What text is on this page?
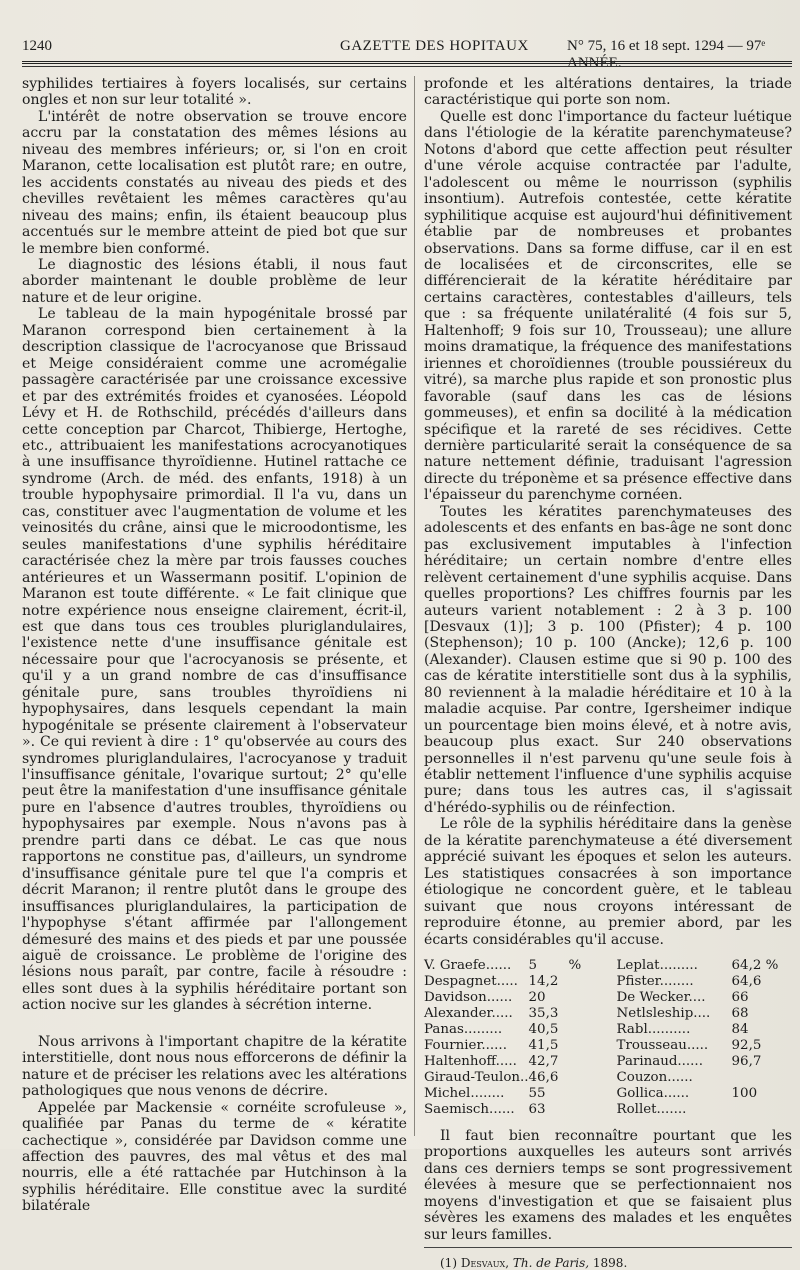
1240	GAZETTE DES HOPITAUX	N° 75, 16 et 18 sept. 1294 — 97ᵉ ANNÉE.

syphilides tertiaires à foyers localisés, sur certains ongles et non sur leur totalité ».

L'intérêt de notre observation se trouve encore accru par la constatation des mêmes lésions au niveau des membres inférieurs; or, si l'on en croit Maranon, cette localisation est plutôt rare; en outre, les accidents constatés au niveau des pieds et des chevilles revêtaient les mêmes caractères qu'au niveau des mains; enfin, ils étaient beaucoup plus accentués sur le membre atteint de pied bot que sur le membre bien conformé.

Le diagnostic des lésions établi, il nous faut aborder maintenant le double problème de leur nature et de leur origine.

Le tableau de la main hypogénitale brossé par Maranon correspond bien certainement à la description classique de l'acrocyanose que Brissaud et Meige considéraient comme une acromégalie passagère caractérisée par une croissance excessive et par des extrémités froides et cyanosées. Léopold Lévy et H. de Rothschild, précédés d'ailleurs dans cette conception par Charcot, Thibierge, Hertoghe, etc., attribuaient les manifestations acrocyanotiques à une insuffisance thyroïdienne. Hutinel rattache ce syndrome (Arch. de méd. des enfants, 1918) à un trouble hypophysaire primordial. Il l'a vu, dans un cas, constituer avec l'augmentation de volume et les veinosités du crâne, ainsi que le microodontisme, les seules manifestations d'une syphilis héréditaire caractérisée chez la mère par trois fausses couches antérieures et un Wassermann positif. L'opinion de Maranon est toute différente. « Le fait clinique que notre expérience nous enseigne clairement, écrit-il, est que dans tous ces troubles pluriglandulaires, l'existence nette d'une insuffisance génitale est nécessaire pour que l'acrocyanosis se présente, et qu'il y a un grand nombre de cas d'insuffisance génitale pure, sans troubles thyroïdiens ni hypophysaires, dans lesquels cependant la main hypogénitale se présente clairement à l'observateur ». Ce qui revient à dire : 1° qu'observée au cours des syndromes pluriglandulaires, l'acrocyanose y traduit l'insuffisance génitale, l'ovarique surtout; 2° qu'elle peut être la manifestation d'une insuffisance génitale pure en l'absence d'autres troubles, thyroïdiens ou hypophysaires par exemple. Nous n'avons pas à prendre parti dans ce débat. Le cas que nous rapportons ne constitue pas, d'ailleurs, un syndrome d'insuffisance génitale pure tel que l'a compris et décrit Maranon; il rentre plutôt dans le groupe des insuffisances pluriglandulaires, la participation de l'hypophyse s'étant affirmée par l'allongement démesuré des mains et des pieds et par une poussée aiguë de croissance. Le problème de l'origine des lésions nous paraît, par contre, facile à résoudre : elles sont dues à la syphilis héréditaire portant son action nocive sur les glandes à sécrétion interne.

Nous arrivons à l'important chapitre de la kératite interstitielle, dont nous nous efforcerons de définir la nature et de préciser les relations avec les altérations pathologiques que nous venons de décrire.

Appelée par Mackensie « cornéite scrofuleuse », qualifiée par Panas du terme de « kératite cachectique », considérée par Davidson comme une affection des pauvres, des mal vêtus et des mal nourris, elle a été rattachée par Hutchinson à la syphilis héréditaire. Elle constitue avec la surdité bilatérale

profonde et les altérations dentaires, la triade caractéristique qui porte son nom.

Quelle est donc l'importance du facteur luétique dans l'étiologie de la kératite parenchymateuse? Notons d'abord que cette affection peut résulter d'une vérole acquise contractée par l'adulte, l'adolescent ou même le nourrisson (syphilis insontium). Autrefois contestée, cette kératite syphilitique acquise est aujourd'hui définitivement établie par de nombreuses et probantes observations. Dans sa forme diffuse, car il en est de localisées et de circonscrites, elle se différencierait de la kératite héréditaire par certains caractères, contestables d'ailleurs, tels que : sa fréquente unilatéralité (4 fois sur 5, Haltenhoff; 9 fois sur 10, Trousseau); une allure moins dramatique, la fréquence des manifestations iriennes et choroïdiennes (trouble poussiéreux du vitré), sa marche plus rapide et son pronostic plus favorable (sauf dans les cas de lésions gommeuses), et enfin sa docilité à la médication spécifique et la rareté de ses récidives. Cette dernière particularité serait la conséquence de sa nature nettement définie, traduisant l'agression directe du tréponème et sa présence effective dans l'épaisseur du parenchyme cornéen.

Toutes les kératites parenchymateuses des adolescents et des enfants en bas-âge ne sont donc pas exclusivement imputables à l'infection héréditaire; un certain nombre d'entre elles relèvent certainement d'une syphilis acquise. Dans quelles proportions? Les chiffres fournis par les auteurs varient notablement : 2 à 3 p. 100 [Desvaux (1)]; 3 p. 100 (Pfister); 4 p. 100 (Stephenson); 10 p. 100 (Ancke); 12,6 p. 100 (Alexander). Clausen estime que si 90 p. 100 des cas de kératite interstitielle sont dus à la syphilis, 80 reviennent à la maladie héréditaire et 10 à la maladie acquise. Par contre, Igersheimer indique un pourcentage bien moins élevé, et à notre avis, beaucoup plus exact. Sur 240 observations personnelles il n'est parvenu qu'une seule fois à établir nettement l'influence d'une syphilis acquise pure; dans tous les autres cas, il s'agissait d'hérédo-syphilis ou de réinfection.

Le rôle de la syphilis héréditaire dans la genèse de la kératite parenchymateuse a été diversement apprécié suivant les époques et selon les auteurs. Les statistiques consacrées à son importance étiologique ne concordent guère, et le tableau suivant que nous croyons intéressant de reproduire étonne, au premier abord, par les écarts considérables qu'il accuse.

V. Graefe......	5	%	Leplat.........	64,2 %
Despagnet.....	14,2		Pfister........	64,6
Davidson......	20		De Wecker....	66
Alexander.....	35,3		Netlsleship....	68
Panas.........	40,5		Rabl..........	84
Fournier......	41,5		Trousseau.....	92,5
Haltenhoff.....	42,7		Parinaud......	96,7
Giraud-Teulon..	46,6		Couzon......	
Michel........	55		Gollica......	100
Saemisch......	63		Rollet.......	

Il faut bien reconnaître pourtant que les proportions auxquelles les auteurs sont arrivés dans ces derniers temps se sont progressivement élevées à mesure que se perfectionnaient nos moyens d'investigation et que se faisaient plus sévères les examens des malades et les enquêtes sur leurs familles.

(1) Desvaux, Th. de Paris, 1898.
